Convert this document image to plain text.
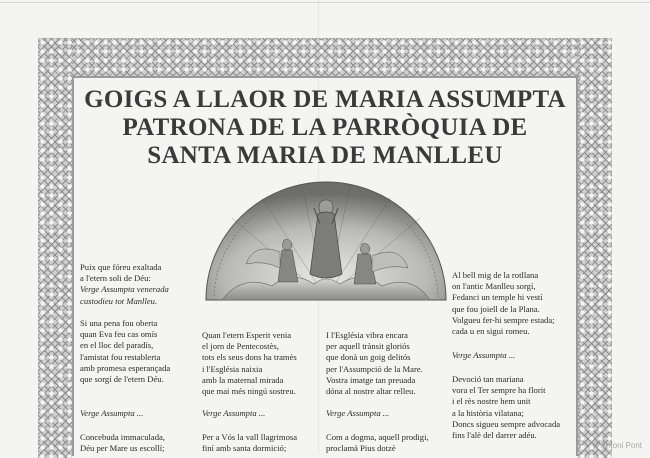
GOIGS A LLAOR DE MARIA ASSUMPTA
PATRONA DE LA PARRÒQUIA DE
SANTA MARIA DE MANLLEU
Puix que fóreu exaltada
a l'etern soli de Déu:
Verge Assumpta venerada
custodieu tot Manlleu.
Si una pena fou oberta
quan Eva feu cas omís
en el lloc del paradís,
l'amistat fou restablerta
amb promesa esperançada
que sorgí de l'etern Déu.
Verge Assumpta ...
Concebuda immaculada,
Déu per Mare us escollí;
Quan l'etern Esperit venia
el jorn de Pentecostès,
tots els seus dons ha tramès
i l'Església naixia
amb la maternal mirada
que mai més ningú sostreu.
Verge Assumpta ...
Per a Vós la vall llagrimosa
finí amb santa dormició;
I l'Església vibra encara
per aquell trànsit gloriós
que donà un goig delitós
per l'Assumpció de la Mare.
Vostra imatge tan preuada
dóna al nostre altar relleu.
Verge Assumpta ...
Com a dogma, aquell prodigi,
proclamà Pius dotzè
Al bell mig de la rotllana
on l'antic Manlleu sorgí,
Fedanci un temple hi vestí
que fou joiell de la Plana.
Volgueu fer-hi sempre estada;
cada u en sigui romeu.
Verge Assumpta ...
Devoció tan mariana
vora el Ter sempre ha florit
i el rès nostre hem unit
a la història vilatana;
Doncs sigueu sempre advocada
fins l'alè del darrer adéu.
© Antoni Pont
